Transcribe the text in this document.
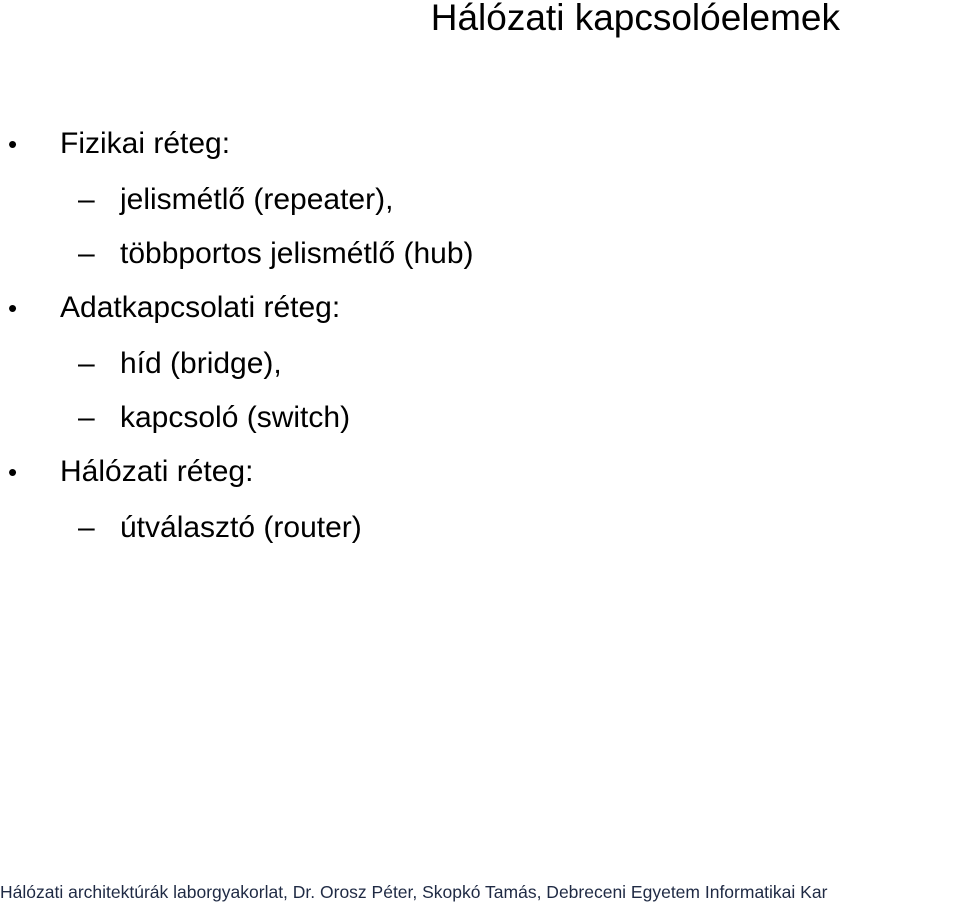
Hálózati kapcsolóelemek
• Fizikai réteg:
– jelismétlő (repeater),
– többportos jelismétlő (hub)
• Adatkapcsolati réteg:
– híd (bridge),
– kapcsoló (switch)
• Hálózati réteg:
– útválasztó (router)
Hálózati architektúrák laborgyakorlat, Dr. Orosz Péter, Skopkó Tamás, Debreceni Egyetem Informatikai Kar
